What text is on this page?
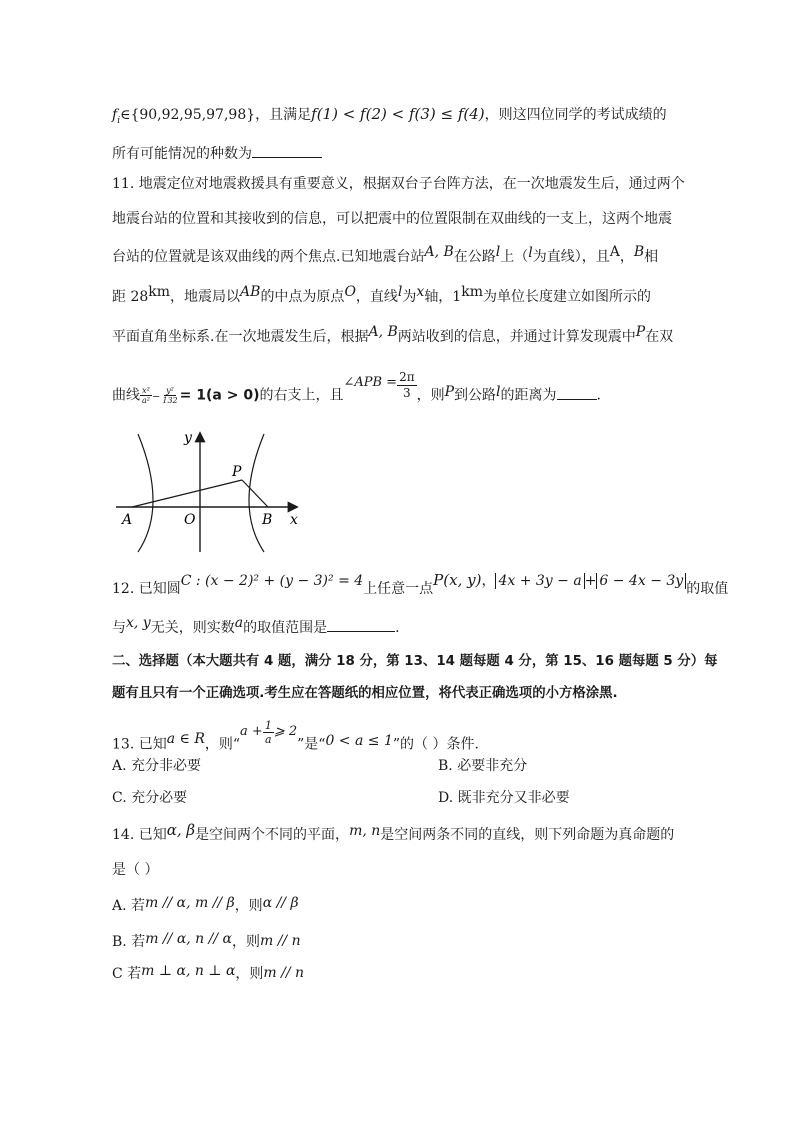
$f_i\in\{90,92,95,97,98\}$，且满足f(1) < f(2) < f(3) ≤ f(4)，则这四位同学的考试成绩的
所有可能情况的种数为
11. 地震定位对地震救援具有重要意义，根据双台子台阵方法，在一次地震发生后，通过两个
地震台站的位置和其接收到的信息，可以把震中的位置限制在双曲线的一支上，这两个地震
台站的位置就是该双曲线的两个焦点.已知地震台站A, B在公路l上（l为直线），且A，B相
距 28km，地震局以AB的中点为原点O，直线l为x轴，1km为单位长度建立如图所示的
平面直角坐标系.在一次地震发生后，根据A, B两站收到的信息，并通过计算发现震中P在双
曲线 $\frac{\text{x²}}{\text{a²}} - \frac{\text{y²}}{132} = 1(a > 0)$的右支上，且∠APB = $\frac{2\pi}{3}$ ，则P到公路l的距离为	.
y
x
A	O	B
P
12. 已知圆C : (x − 2)² + (y − 3)² = 4上任意一点P(x, y)， 4x + 3y − a + 6 − 4x − 3y 的取值
与x, y无关，则实数a的取值范围是	.
二、选择题（本大题共有 4 题，满分 18 分，第 13、14 题每题 4 分，第 15、16 题每题 5 分）每
题有且只有一个正确选项.考生应在答题纸的相应位置，将代表正确选项的小方格涂黑.
13. 已知a ∈ R，则“$a + \frac{1}{a}$ ⩾ 2”是“0 < a ≤ 1”的（ ）条件.
A. 充分非必要	B. 必要非充分
C. 充分必要	D. 既非充分又非必要
14. 已知α, β是空间两个不同的平面，m, n是空间两条不同的直线，则下列命题为真命题的
是（ ）
A. 若m // α, m // β，则α // β
B. 若m // α, n // α，则m // n
C 若m ⊥ α, n ⊥ α，则m // n
